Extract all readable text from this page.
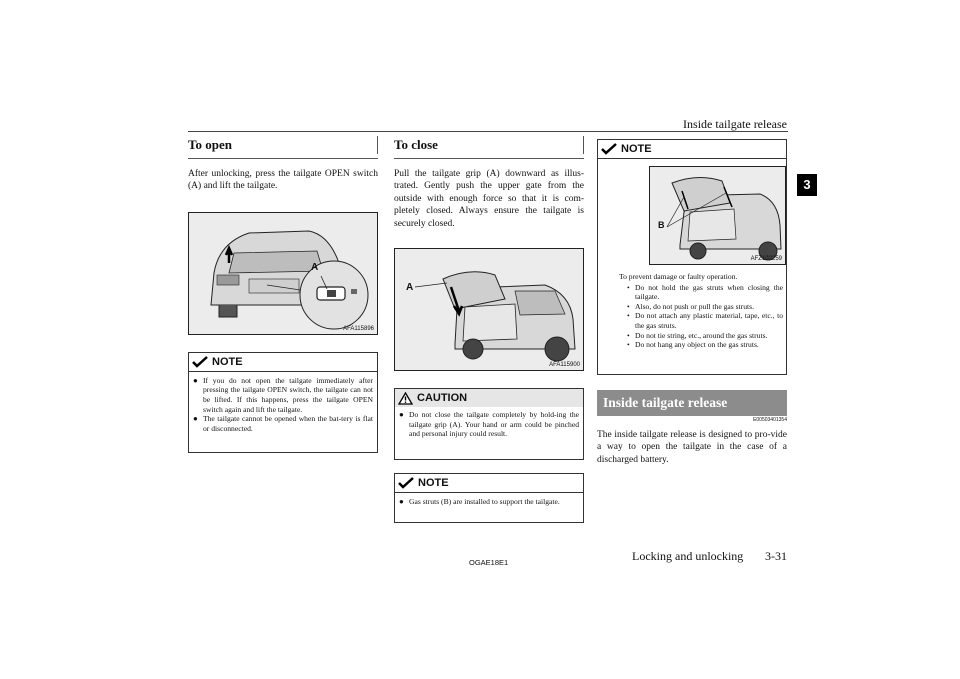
Inside tailgate release
3
To open
After unlocking, press the tailgate OPEN switch (A) and lift the tailgate.
A
AFA115896
NOTE
● If you do not open the tailgate immediately after pressing the tailgate OPEN switch, the tailgate can not be lifted. If this happens, press the tailgate OPEN switch again and lift the tailgate.
● The tailgate cannot be opened when the bat-tery is flat or disconnected.
To close
Pull the tailgate grip (A) downward as illus-trated. Gently push the upper gate from the outside with enough force so that it is com-pletely closed. Always ensure the tailgate is securely closed.
A
AFA115900
CAUTION
● Do not close the tailgate completely by hold-ing the tailgate grip (A). Your hand or arm could be pinched and personal injury could result.
NOTE
● Gas struts (B) are installed to support the tailgate.
NOTE
B
AFZ102259
To prevent damage or faulty operation.
• Do not hold the gas struts when closing the tailgate.
• Also, do not push or pull the gas struts.
• Do not attach any plastic material, tape, etc., to the gas struts.
• Do not tie string, etc., around the gas struts.
• Do not hang any object on the gas struts.
Inside tailgate release
E00503401354
The inside tailgate release is designed to pro-vide a way to open the tailgate in the case of a discharged battery.
OGAE18E1	Locking and unlocking	3-31
